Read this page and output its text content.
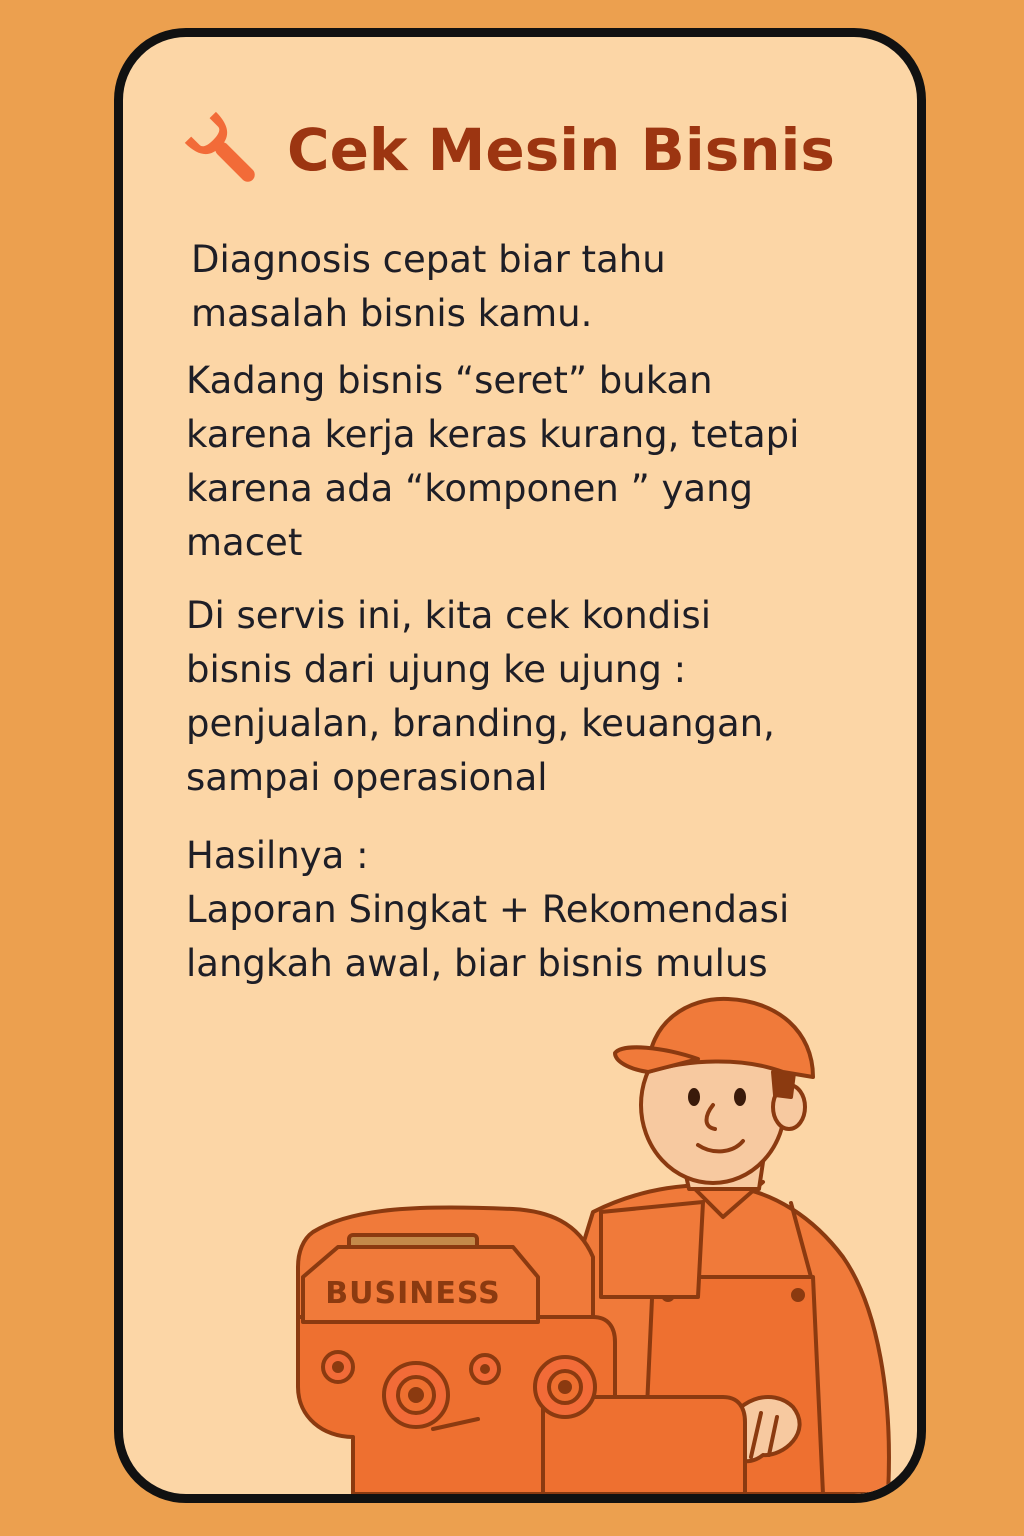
Cek Mesin Bisnis
Diagnosis cepat biar tahu
masalah bisnis kamu.
Kadang bisnis “seret” bukan
karena kerja keras kurang, tetapi
karena ada “komponen ” yang
macet
Di servis ini, kita cek kondisi
bisnis dari ujung ke ujung :
penjualan, branding, keuangan,
sampai operasional
Hasilnya :
Laporan Singkat + Rekomendasi
langkah awal, biar bisnis mulus
BUSINESS
